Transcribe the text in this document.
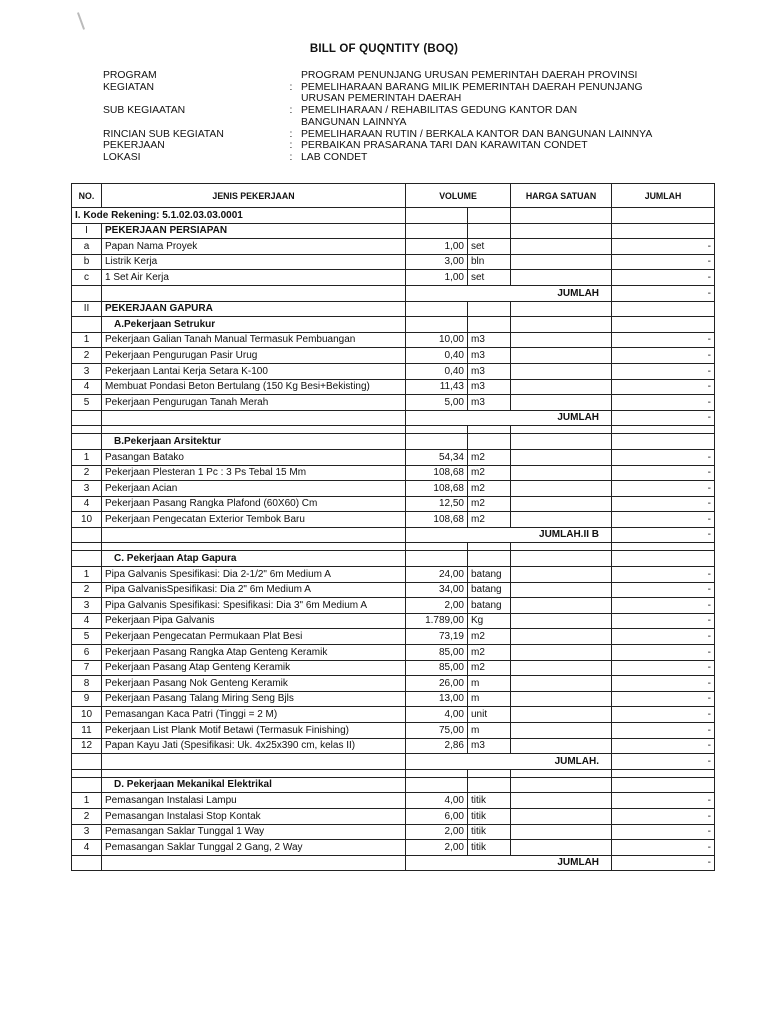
BILL OF QUQNTITY (BOQ)
PROGRAM	PROGRAM PENUNJANG URUSAN PEMERINTAH DAERAH PROVINSI
KEGIATAN	: PEMELIHARAAN BARANG MILIK PEMERINTAH DAERAH PENUNJANG
URUSAN PEMERINTAH DAERAH
SUB KEGIAATAN	: PEMELIHARAAN / REHABILITAS GEDUNG KANTOR DAN
BANGUNAN LAINNYA
RINCIAN SUB KEGIATAN	: PEMELIHARAAN RUTIN / BERKALA KANTOR DAN BANGUNAN LAINNYA
PEKERJAAN	: PERBAIKAN PRASARANA TARI DAN KARAWITAN CONDET
LOKASI	: LAB CONDET
NO.	JENIS PEKERJAAN	VOLUME		HARGA SATUAN	JUMLAH
I. Kode Rekening: 5.1.02.03.03.0001					
I	PEKERJAAN PERSIAPAN				
a	Papan Nama Proyek	1,00	set		-
b	Listrik Kerja	3,00	bln		-
c	1 Set Air Kerja	1,00	set		-
		JUMLAH			-
II	PEKERJAAN GAPURA				
	A.Pekerjaan Setrukur				
1	Pekerjaan Galian Tanah Manual Termasuk Pembuangan	10,00	m3		-
2	Pekerjaan Pengurugan Pasir Urug	0,40	m3		-
3	Pekerjaan Lantai Kerja Setara K-100	0,40	m3		-
4	Membuat Pondasi Beton Bertulang (150 Kg Besi+Bekisting)	11,43	m3		-
5	Pekerjaan Pengurugan Tanah Merah	5,00	m3		-
		JUMLAH			-

	B.Pekerjaan Arsitektur				
1	Pasangan Batako	54,34	m2		-
2	Pekerjaan Plesteran 1 Pc : 3 Ps Tebal 15 Mm	108,68	m2		-
3	Pekerjaan Acian	108,68	m2		-
4	Pekerjaan Pasang Rangka Plafond (60X60) Cm	12,50	m2		-
10	Pekerjaan Pengecatan Exterior Tembok Baru	108,68	m2		-
		JUMLAH.II B			-

	C. Pekerjaan Atap Gapura				
1	Pipa Galvanis Spesifikasi: Dia 2-1/2" 6m Medium A	24,00	batang		-
2	Pipa GalvanisSpesifikasi: Dia 2" 6m Medium A	34,00	batang		-
3	Pipa Galvanis Spesifikasi: Spesifikasi: Dia 3" 6m Medium A	2,00	batang		-
4	Pekerjaan Pipa Galvanis	1.789,00	Kg		-
5	Pekerjaan Pengecatan Permukaan Plat Besi	73,19	m2		-
6	Pekerjaan Pasang Rangka Atap Genteng Keramik	85,00	m2		-
7	Pekerjaan Pasang Atap Genteng Keramik	85,00	m2		-
8	Pekerjaan Pasang Nok Genteng Keramik	26,00	m		-
9	Pekerjaan Pasang Talang Miring Seng Bjls	13,00	m		-
10	Pemasangan Kaca Patri (Tinggi = 2 M)	4,00	unit		-
11	Pekerjaan List Plank Motif Betawi (Termasuk Finishing)	75,00	m		-
12	Papan Kayu Jati (Spesifikasi: Uk. 4x25x390 cm, kelas II)	2,86	m3		-
		JUMLAH.			-

	D. Pekerjaan Mekanikal Elektrikal				
1	Pemasangan Instalasi Lampu	4,00	titik		-
2	Pemasangan Instalasi Stop Kontak	6,00	titik		-
3	Pemasangan Saklar Tunggal 1 Way	2,00	titik		-
4	Pemasangan Saklar Tunggal 2 Gang, 2 Way	2,00	titik		-
		JUMLAH			-
